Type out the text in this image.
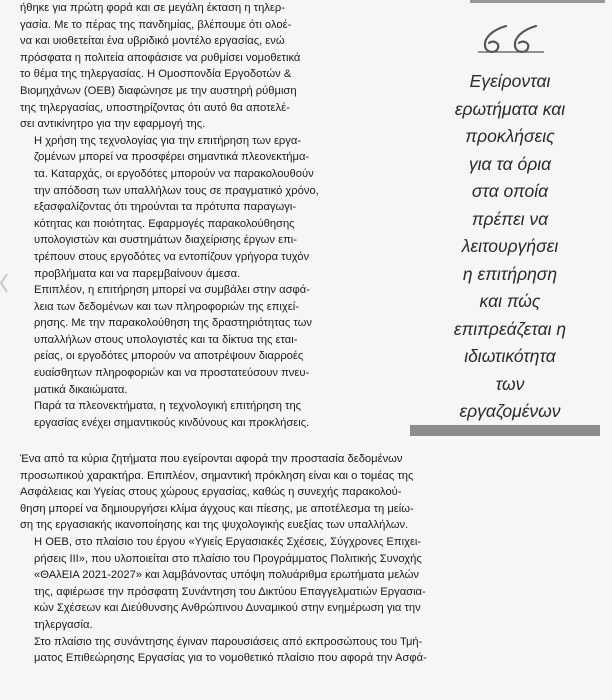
ήθηκε για πρώτη φορά και σε μεγάλη έκταση η τηλερ-
γασία. Με το πέρας της πανδημίας, βλέπουμε ότι ολοέ-
να και υιοθετείται ένα υβριδικό μοντέλο εργασίας, ενώ
πρόσφατα η πολιτεία αποφάσισε να ρυθμίσει νομοθετικά
το θέμα της τηλεργασίας. Η Ομοσπονδία Εργοδοτών &
Βιομηχάνων (ΟΕΒ) διαφώνησε με την αυστηρή ρύθμιση
της τηλεργασίας, υποστηρίζοντας ότι αυτό θα αποτελέ-
σει αντικίνητρο για την εφαρμογή της.

Η χρήση της τεχνολογίας για την επιτήρηση των εργα-
ζομένων μπορεί να προσφέρει σημαντικά πλεονεκτήμα-
τα. Καταρχάς, οι εργοδότες μπορούν να παρακολουθούν
την απόδοση των υπαλλήλων τους σε πραγματικό χρόνο,
εξασφαλίζοντας ότι τηρούνται τα πρότυπα παραγωγι-
κότητας και ποιότητας. Εφαρμογές παρακολούθησης
υπολογιστών και συστημάτων διαχείρισης έργων επι-
τρέπουν στους εργοδότες να εντοπίζουν γρήγορα τυχόν
προβλήματα και να παρεμβαίνουν άμεσα.

Επιπλέον, η επιτήρηση μπορεί να συμβάλει στην ασφά-
λεια των δεδομένων και των πληροφοριών της επιχεί-
ρησης. Με την παρακολούθηση της δραστηριότητας των
υπαλλήλων στους υπολογιστές και τα δίκτυα της εται-
ρείας, οι εργοδότες μπορούν να αποτρέψουν διαρροές
ευαίσθητων πληροφοριών και να προστατεύσουν πνευ-
ματικά δικαιώματα.

Παρά τα πλεονεκτήματα, η τεχνολογική επιτήρηση της
εργασίας ενέχει σημαντικούς κινδύνους και προκλήσεις.

Εγείρονται
ερωτήματα και
προκλήσεις
για τα όρια
στα οποία
πρέπει να
λειτουργήσει
η επιτήρηση
και πώς
επιπρεάζεται η
ιδιωτικότητα
των
εργαζομένων

Ένα από τα κύρια ζητήματα που εγείρονται αφορά την προστασία δεδομένων
προσωπικού χαρακτήρα. Επιπλέον, σημαντική πρόκληση είναι και ο τομέας της
Ασφάλειας και Υγείας στους χώρους εργασίας, καθώς η συνεχής παρακολού-
θηση μπορεί να δημιουργήσει κλίμα άγχους και πίεσης, με αποτέλεσμα τη μείω-
ση της εργασιακής ικανοποίησης και της ψυχολογικής ευεξίας των υπαλλήλων.

Η ΟΕΒ, στο πλαίσιο του έργου «Υγιείς Εργασιακές Σχέσεις, Σύγχρονες Επιχει-
ρήσεις ΙΙΙ», που υλοποιείται στο πλαίσιο του Προγράμματος Πολιτικής Συνοχής
«ΘΑλΕΙΑ 2021-2027» και λαμβάνοντας υπόψη πολυάριθμα ερωτήματα μελών
της, αφιέρωσε την πρόσφατη Συνάντηση του Δικτύου Επαγγελματιών Εργασια-
κών Σχέσεων και Διεύθυνσης Ανθρώπινου Δυναμικού στην ενημέρωση για την
τηλεργασία.

Στο πλαίσιο της συνάντησης έγιναν παρουσιάσεις από εκπροσώπους του Τμή-
ματος Επιθεώρησης Εργασίας για το νομοθετικό πλαίσιο που αφορά την Ασφά-
